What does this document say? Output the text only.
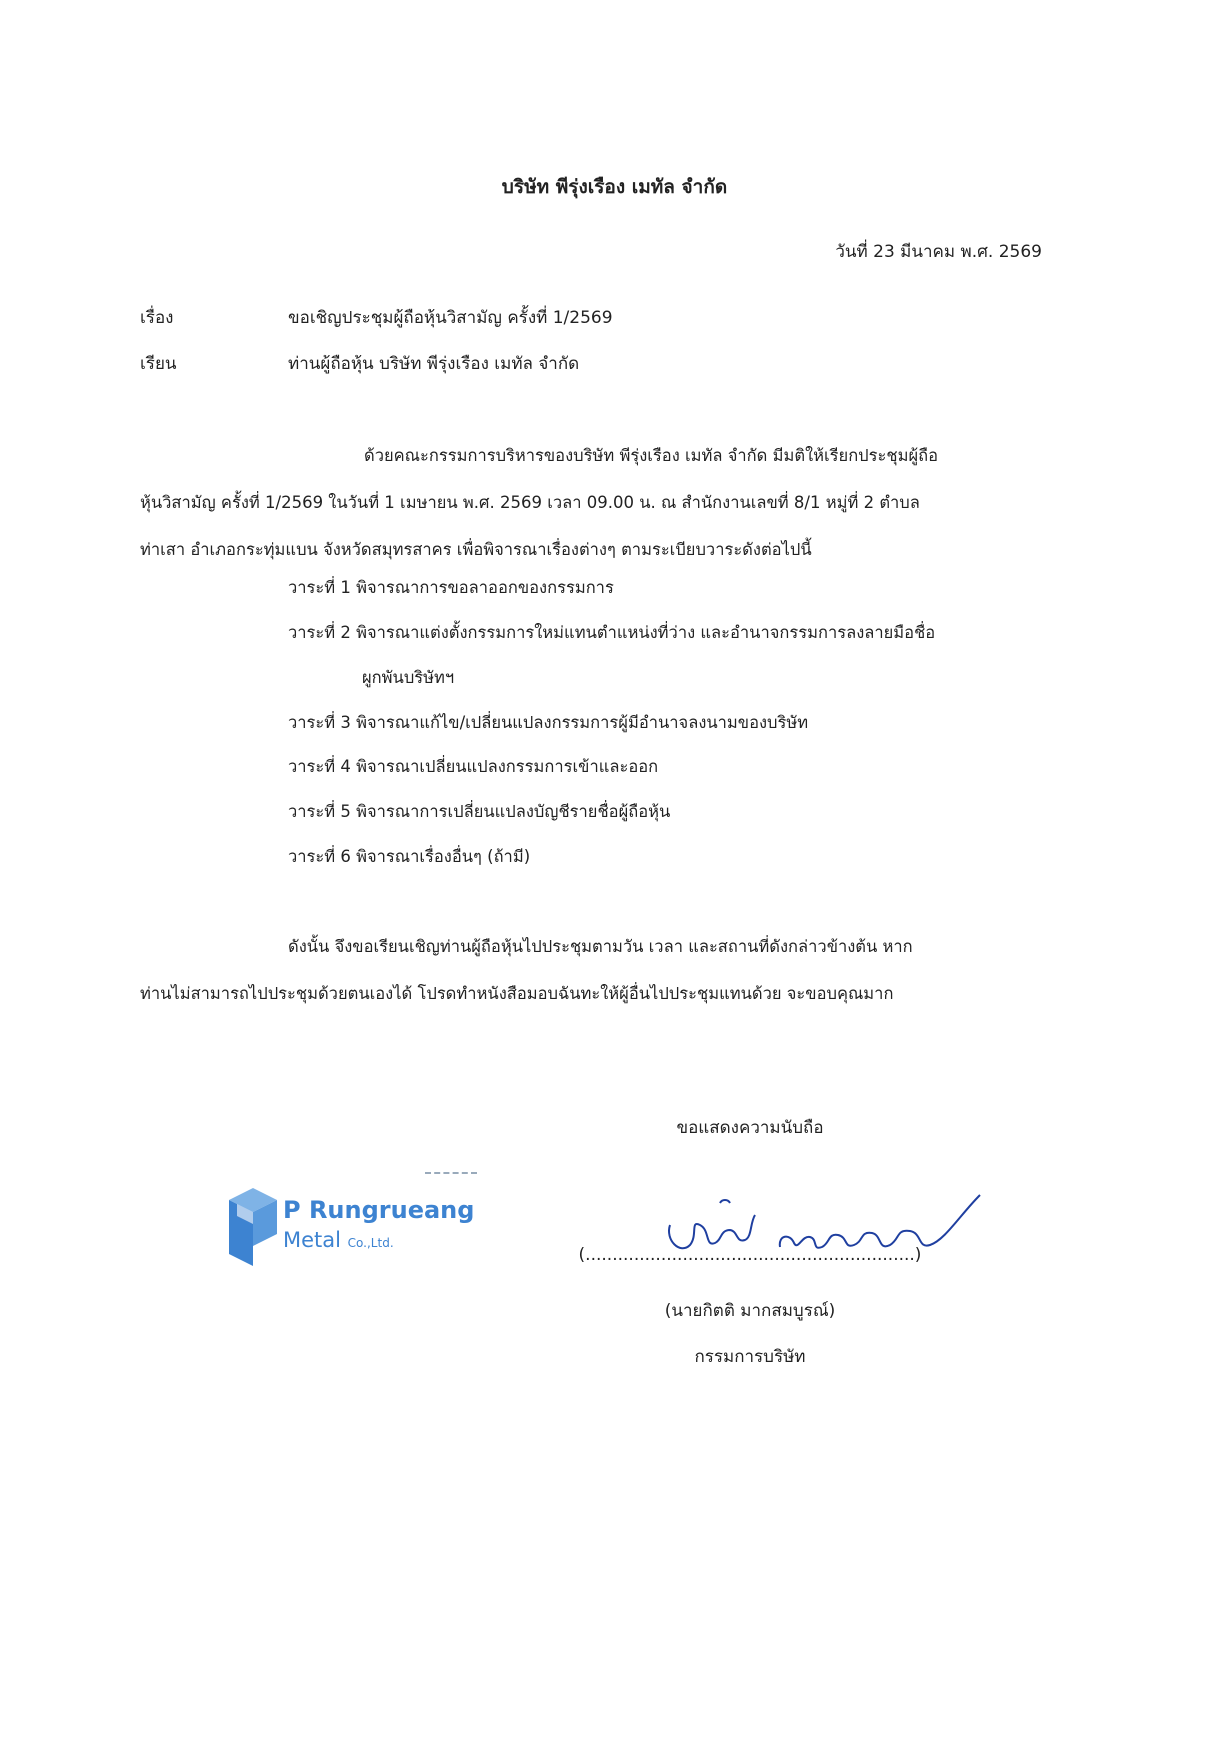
บริษัท พีรุ่งเรือง เมทัล จำกัด
วันที่ 23 มีนาคม พ.ศ. 2569
เรื่อง	ขอเชิญประชุมผู้ถือหุ้นวิสามัญ ครั้งที่ 1/2569
เรียน	ท่านผู้ถือหุ้น บริษัท พีรุ่งเรือง เมทัล จำกัด
ด้วยคณะกรรมการบริหารของบริษัท พีรุ่งเรือง เมทัล จำกัด มีมติให้เรียกประชุมผู้ถือ
หุ้นวิสามัญ ครั้งที่ 1/2569 ในวันที่ 1 เมษายน พ.ศ. 2569 เวลา 09.00 น. ณ สำนักงานเลขที่ 8/1 หมู่ที่ 2 ตำบล
ท่าเสา อำเภอกระทุ่มแบน จังหวัดสมุทรสาคร เพื่อพิจารณาเรื่องต่างๆ ตามระเบียบวาระดังต่อไปนี้
วาระที่ 1 พิจารณาการขอลาออกของกรรมการ
วาระที่ 2 พิจารณาแต่งตั้งกรรมการใหม่แทนตำแหน่งที่ว่าง และอำนาจกรรมการลงลายมือชื่อ
ผูกพันบริษัทฯ
วาระที่ 3 พิจารณาแก้ไข/เปลี่ยนแปลงกรรมการผู้มีอำนาจลงนามของบริษัท
วาระที่ 4 พิจารณาเปลี่ยนแปลงกรรมการเข้าและออก
วาระที่ 5 พิจารณาการเปลี่ยนแปลงบัญชีรายชื่อผู้ถือหุ้น
วาระที่ 6 พิจารณาเรื่องอื่นๆ (ถ้ามี)
ดังนั้น จึงขอเรียนเชิญท่านผู้ถือหุ้นไปประชุมตามวัน เวลา และสถานที่ดังกล่าวข้างต้น หาก
ท่านไม่สามารถไปประชุมด้วยตนเองได้ โปรดทำหนังสือมอบฉันทะให้ผู้อื่นไปประชุมแทนด้วย จะขอบคุณมาก
ขอแสดงความนับถือ
P Rungrueang
Metal Co.,Ltd.
(.............................................................)
(นายกิตติ มากสมบูรณ์)
กรรมการบริษัท
